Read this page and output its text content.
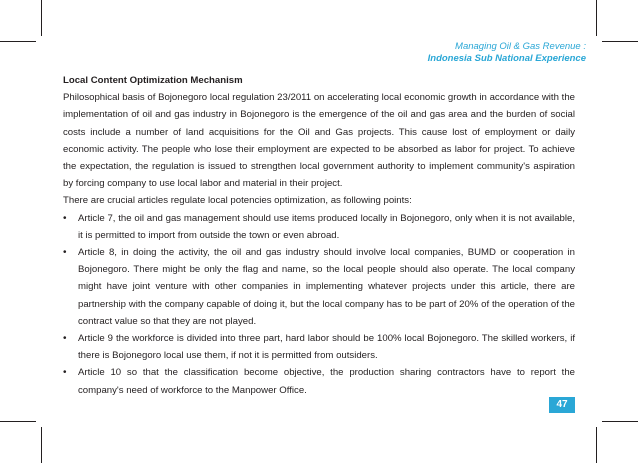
Managing Oil & Gas Revenue :
Indonesia Sub National Experience

Local Content Optimization Mechanism

Philosophical basis of Bojonegoro local regulation 23/2011 on accelerating local economic growth in accordance with the implementation of oil and gas industry in Bojonegoro is the emergence of the oil and gas area and the burden of social costs include a number of land acquisitions for the Oil and Gas projects. This cause lost of employment or daily economic activity. The people who lose their employment are expected to be absorbed as labor for project. To achieve the expectation, the regulation is issued to strengthen local government authority to implement community's aspiration by forcing company to use local labor and material in their project.

There are crucial articles regulate local potencies optimization, as following points:

• Article 7, the oil and gas management should use items produced locally in Bojonegoro, only when it is not available, it is permitted to import from outside the town or even abroad.
• Article 8, in doing the activity, the oil and gas industry should involve local companies, BUMD or cooperation in Bojonegoro. There might be only the flag and name, so the local people should also operate. The local company might have joint venture with other companies in implementing whatever projects under this article, there are partnership with the company capable of doing it, but the local company has to be part of 20% of the operation of the contract value so that they are not played.
• Article 9 the workforce is divided into three part, hard labor should be 100% local Bojonegoro. The skilled workers, if there is Bojonegoro local use them, if not it is permitted from outsiders.
• Article 10 so that the classification become objective, the production sharing contractors have to report the company's need of workforce to the Manpower Office.
47
